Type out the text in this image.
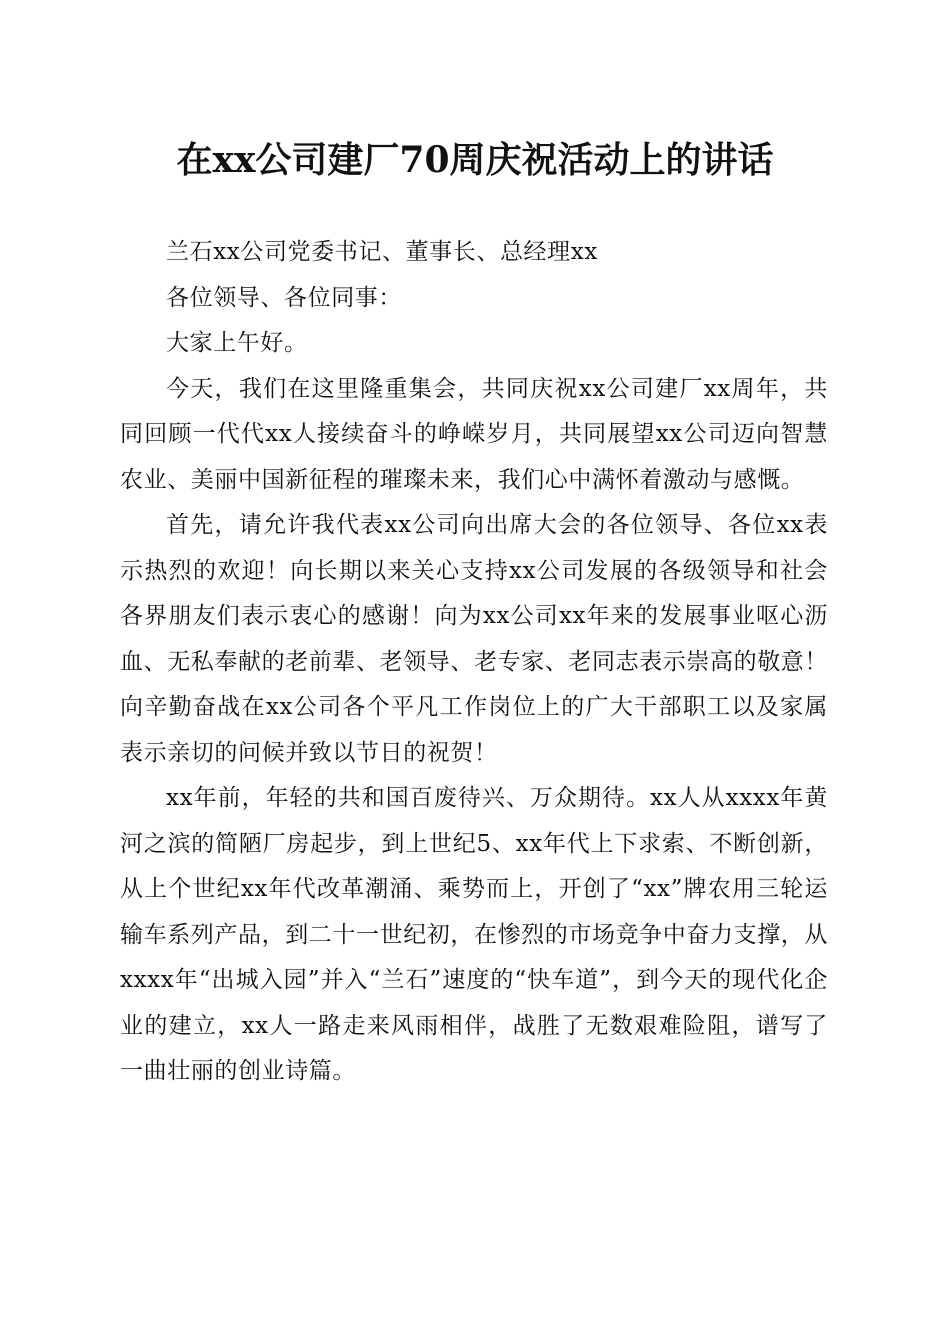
在xx公司建厂70周庆祝活动上的讲话

兰石xx公司党委书记、董事长、总经理xx

各位领导、各位同事：

大家上午好。

今天，我们在这里隆重集会，共同庆祝xx公司建厂xx周年，共同回顾一代代xx人接续奋斗的峥嵘岁月，共同展望xx公司迈向智慧农业、美丽中国新征程的璀璨未来，我们心中满怀着激动与感慨。

首先，请允许我代表xx公司向出席大会的各位领导、各位xx表示热烈的欢迎！向长期以来关心支持xx公司发展的各级领导和社会各界朋友们表示衷心的感谢！向为xx公司xx年来的发展事业呕心沥血、无私奉献的老前辈、老领导、老专家、老同志表示崇高的敬意！向辛勤奋战在xx公司各个平凡工作岗位上的广大干部职工以及家属表示亲切的问候并致以节日的祝贺！

xx年前，年轻的共和国百废待兴、万众期待。xx人从xxxx年黄河之滨的简陋厂房起步，到上世纪5、xx年代上下求索、不断创新，从上个世纪xx年代改革潮涌、乘势而上，开创了“xx”牌农用三轮运输车系列产品，到二十一世纪初，在惨烈的市场竞争中奋力支撑，从xxxx年“出城入园”并入“兰石”速度的“快车道”，到今天的现代化企业的建立，xx人一路走来风雨相伴，战胜了无数艰难险阻，谱写了一曲壮丽的创业诗篇。
